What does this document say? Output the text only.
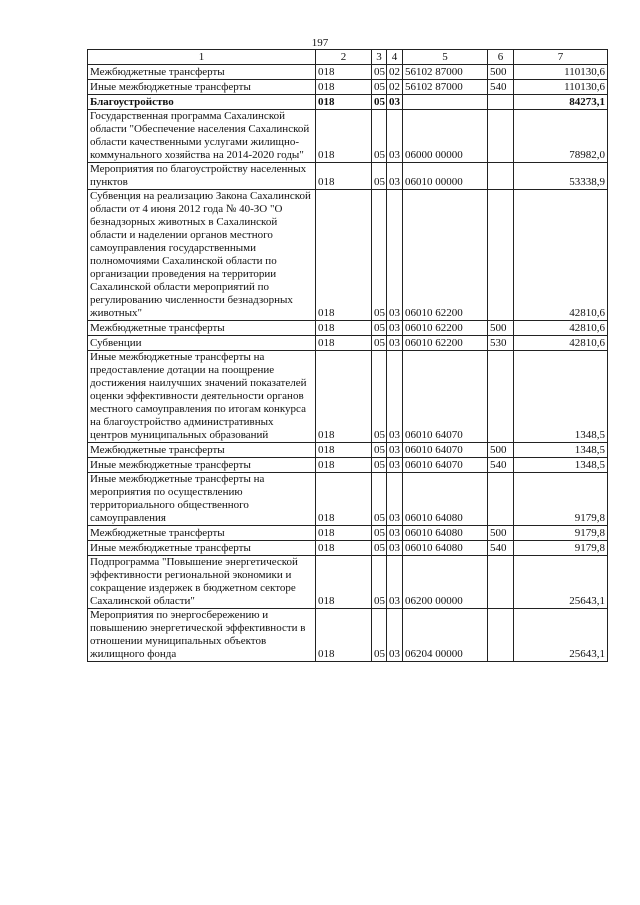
197
1	2	3	4	5	6	7
Межбюджетные трансферты	018	05	02	56102 87000	500	110130,6
Иные межбюджетные трансферты	018	05	02	56102 87000	540	110130,6
Благоустройство	018	05	03			84273,1
Государственная программа Сахалинской области "Обеспечение населения Сахалинской области качественными услугами жилищно-коммунального хозяйства на 2014-2020 годы"	018	05	03	06000 00000		78982,0
Мероприятия по благоустройству населенных пунктов	018	05	03	06010 00000		53338,9
Субвенция на реализацию Закона Сахалинской области от 4 июня 2012 года № 40-ЗО "О безнадзорных животных в Сахалинской области и наделении органов местного самоуправления государственными полномочиями Сахалинской области по организации проведения на территории Сахалинской области мероприятий по регулированию численности безнадзорных животных"	018	05	03	06010 62200		42810,6
Межбюджетные трансферты	018	05	03	06010 62200	500	42810,6
Субвенции	018	05	03	06010 62200	530	42810,6
Иные межбюджетные трансферты на предоставление дотации на поощрение достижения наилучших значений показателей оценки эффективности деятельности органов местного самоуправления по итогам конкурса на благоустройство административных центров муниципальных образований	018	05	03	06010 64070		1348,5
Межбюджетные трансферты	018	05	03	06010 64070	500	1348,5
Иные межбюджетные трансферты	018	05	03	06010 64070	540	1348,5
Иные межбюджетные трансферты на мероприятия по осуществлению территориального общественного самоуправления	018	05	03	06010 64080		9179,8
Межбюджетные трансферты	018	05	03	06010 64080	500	9179,8
Иные межбюджетные трансферты	018	05	03	06010 64080	540	9179,8
Подпрограмма "Повышение энергетической эффективности региональной экономики и сокращение издержек в бюджетном секторе Сахалинской области"	018	05	03	06200 00000		25643,1
Мероприятия по энергосбережению и повышению энергетической эффективности в отношении муниципальных объектов жилищного фонда	018	05	03	06204 00000		25643,1
